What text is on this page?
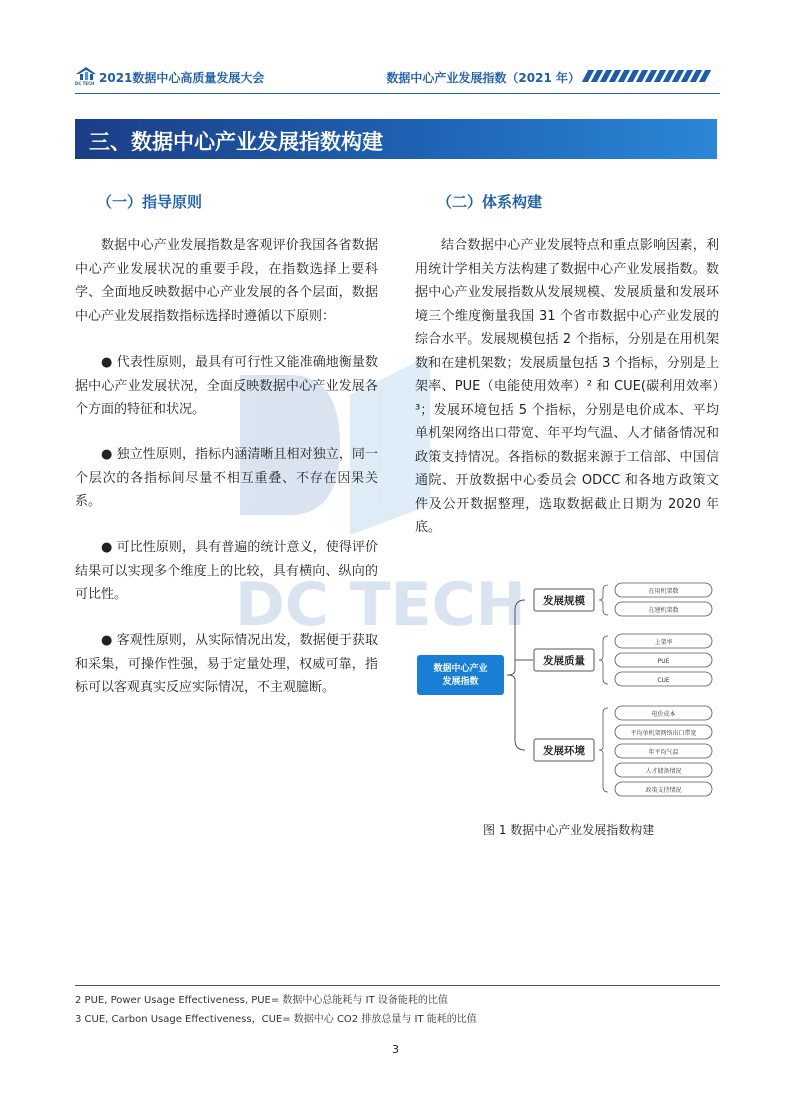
DC TECH 2021数据中心高质量发展大会	数据中心产业发展指数（2021 年）
三、数据中心产业发展指数构建
DC TECH
（一）指导原则

数据中心产业发展指数是客观评价我国各省数据中心产业发展状况的重要手段，在指数选择上要科学、全面地反映数据中心产业发展的各个层面，数据中心产业发展指数指标选择时遵循以下原则：

● 代表性原则，最具有可行性又能准确地衡量数据中心产业发展状况，全面反映数据中心产业发展各个方面的特征和状况。

● 独立性原则，指标内涵清晰且相对独立，同一个层次的各指标间尽量不相互重叠、不存在因果关系。

● 可比性原则，具有普遍的统计意义，使得评价结果可以实现多个维度上的比较，具有横向、纵向的可比性。

● 客观性原则，从实际情况出发，数据便于获取和采集，可操作性强，易于定量处理，权威可靠，指标可以客观真实反应实际情况，不主观臆断。

（二）体系构建

结合数据中心产业发展特点和重点影响因素，利用统计学相关方法构建了数据中心产业发展指数。数据中心产业发展指数从发展规模、发展质量和发展环境三个维度衡量我国 31 个省市数据中心产业发展的综合水平。发展规模包括 2 个指标，分别是在用机架数和在建机架数；发展质量包括 3 个指标，分别是上架率、PUE（电能使用效率）² 和 CUE(碳利用效率）³；发展环境包括 5 个指标，分别是电价成本、平均单机架网络出口带宽、年平均气温、人才储备情况和政策支持情况。各指标的数据来源于工信部、中国信通院、开放数据中心委员会 ODCC 和各地方政策文件及公开数据整理，选取数据截止日期为 2020 年底。

数据中心产业
发展指数
发展规模
在用机架数
在建机架数
发展质量
上架率
PUE
CUE
发展环境
电价成本
平均单机架网络出口带宽
年平均气温
人才储备情况
政策支持情况
图 1 数据中心产业发展指数构建
2 PUE, Power Usage Effectiveness, PUE= 数据中心总能耗与 IT 设备能耗的比值
3 CUE, Carbon Usage Effectiveness，CUE= 数据中心 CO2 排放总量与 IT 能耗的比值
3
